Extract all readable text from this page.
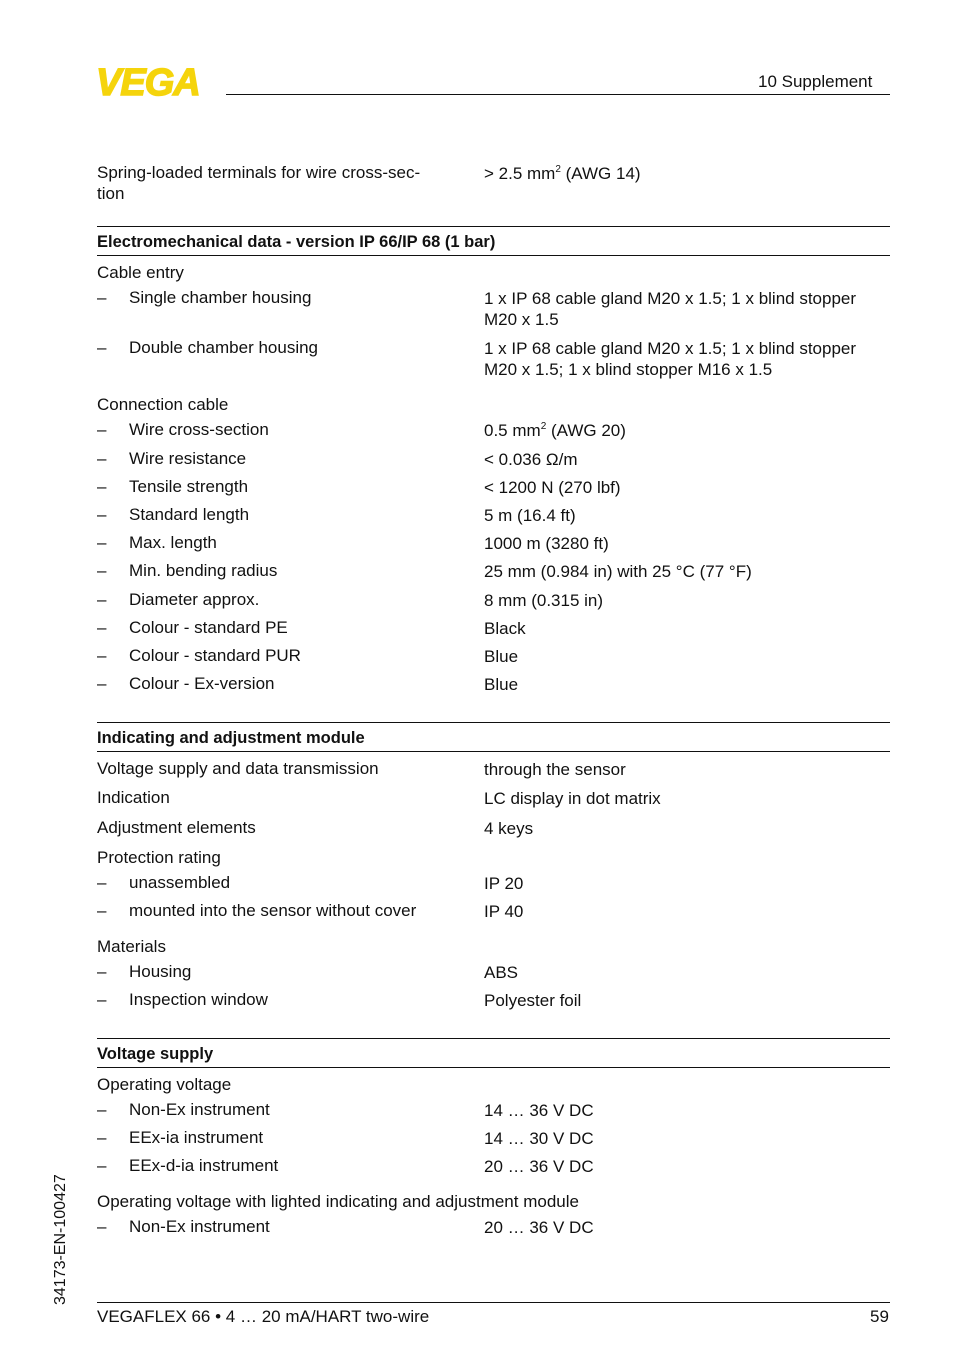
VEGA	10 Supplement
Spring-loaded terminals for wire cross-sec-
tion
> 2.5 $mm^2$ (AWG 14)
Electromechanical data - version IP 66/IP 68 (1 bar)
Cable entry
– Single chamber housing	1 x IP 68 cable gland M20 x 1.5; 1 x blind stopper
M20 x 1.5
– Double chamber housing	1 x IP 68 cable gland M20 x 1.5; 1 x blind stopper
M20 x 1.5; 1 x blind stopper M16 x 1.5
Connection cable
– Wire cross-section	0.5 $mm^2$ (AWG 20)
– Wire resistance	< 0.036 Ω/m
– Tensile strength	< 1200 N (270 lbf)
– Standard length	5 m (16.4 ft)
– Max. length	1000 m (3280 ft)
– Min. bending radius	25 mm (0.984 in) with 25 °C (77 °F)
– Diameter approx.	8 mm (0.315 in)
– Colour - standard PE	Black
– Colour - standard PUR	Blue
– Colour - Ex-version	Blue
Indicating and adjustment module
Voltage supply and data transmission	through the sensor
Indication	LC display in dot matrix
Adjustment elements	4 keys
Protection rating
– unassembled	IP 20
– mounted into the sensor without cover	IP 40
Materials
– Housing	ABS
– Inspection window	Polyester foil
Voltage supply
Operating voltage
– Non-Ex instrument	14 … 36 V DC
– EEx-ia instrument	14 … 30 V DC
– EEx-d-ia instrument	20 … 36 V DC
Operating voltage with lighted indicating and adjustment module
– Non-Ex instrument	20 … 36 V DC
34173-EN-100427
VEGAFLEX 66 • 4 … 20 mA/HART two-wire	59
